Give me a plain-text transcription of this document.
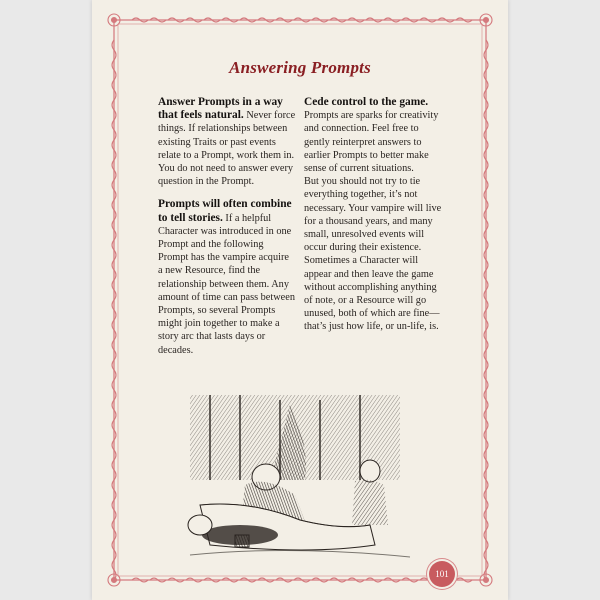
Answering Prompts

Answer Prompts in a way that feels natural. Never force things. If relationships between existing Traits or past events relate to a Prompt, work them in. You do not need to answer every question in the Prompt.

Prompts will often combine to tell stories. If a helpful Character was introduced in one Prompt and the following Prompt has the vampire acquire a new Resource, find the relationship between them. Any amount of time can pass between Prompts, so several Prompts might join together to make a story arc that lasts days or decades.

Cede control to the game.
Prompts are sparks for creativity and connection. Feel free to gently reinterpret answers to earlier Prompts to better make sense of current situations.

But you should not try to tie everything together, it’s not necessary. Your vampire will live for a thousand years, and many small, unresolved events will occur during their existence. Sometimes a Character will appear and then leave the game without accomplishing anything of note, or a Resource will go unused, both of which are fine—that’s just how life, or un-life, is.

101
